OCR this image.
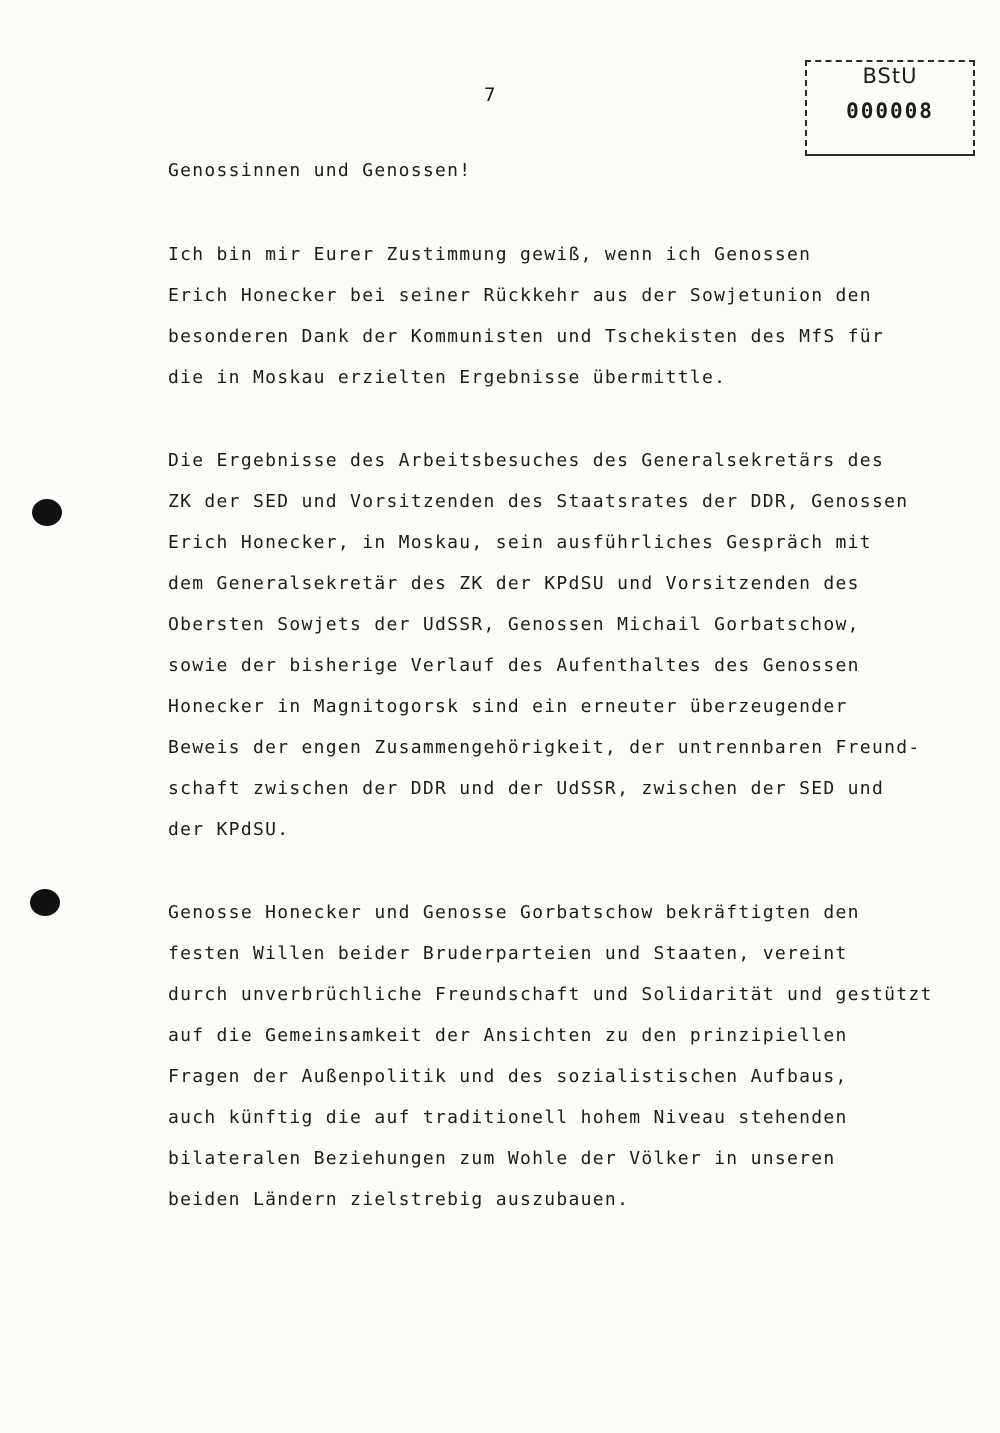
7
BStU
000008
Genossinnen und Genossen!
Ich bin mir Eurer Zustimmung gewiß, wenn ich Genossen
Erich Honecker bei seiner Rückkehr aus der Sowjetunion den
besonderen Dank der Kommunisten und Tschekisten des MfS für
die in Moskau erzielten Ergebnisse übermittle.
Die Ergebnisse des Arbeitsbesuches des Generalsekretärs des
ZK der SED und Vorsitzenden des Staatsrates der DDR, Genossen
Erich Honecker, in Moskau, sein ausführliches Gespräch mit
dem Generalsekretär des ZK der KPdSU und Vorsitzenden des
Obersten Sowjets der UdSSR, Genossen Michail Gorbatschow,
sowie der bisherige Verlauf des Aufenthaltes des Genossen
Honecker in Magnitogorsk sind ein erneuter überzeugender
Beweis der engen Zusammengehörigkeit, der untrennbaren Freund-
schaft zwischen der DDR und der UdSSR, zwischen der SED und
der KPdSU.
Genosse Honecker und Genosse Gorbatschow bekräftigten den
festen Willen beider Bruderparteien und Staaten, vereint
durch unverbrüchliche Freundschaft und Solidarität und gestützt
auf die Gemeinsamkeit der Ansichten zu den prinzipiellen
Fragen der Außenpolitik und des sozialistischen Aufbaus,
auch künftig die auf traditionell hohem Niveau stehenden
bilateralen Beziehungen zum Wohle der Völker in unseren
beiden Ländern zielstrebig auszubauen.
